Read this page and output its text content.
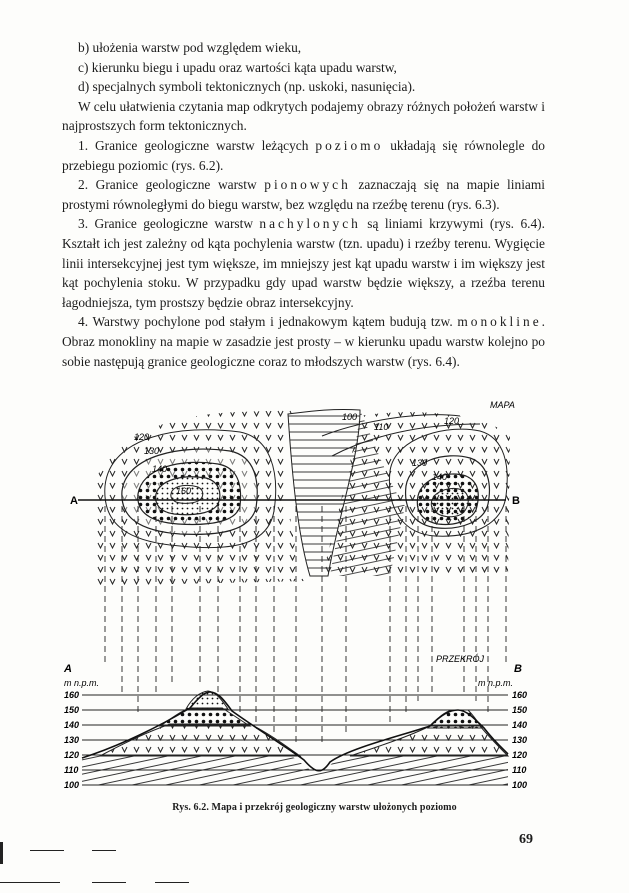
b) ułożenia warstw pod względem wieku,

c) kierunku biegu i upadu oraz wartości kąta upadu warstw,

d) specjalnych symboli tektonicznych (np. uskoki, nasunięcia).

W celu ułatwienia czytania map odkrytych podajemy obrazy różnych położeń warstw i najprostszych form tektonicznych.

1. Granice geologiczne warstw leżących poziomo układają się równolegle do przebiegu poziomic (rys. 6.2).

2. Granice geologiczne warstw pionowych zaznaczają się na mapie liniami prostymi równoległymi do biegu warstw, bez względu na rzeźbę terenu (rys. 6.3).

3. Granice geologiczne warstw nachylonych są liniami krzywymi (rys. 6.4). Kształt ich jest zależny od kąta pochylenia warstw (tzn. upadu) i rzeźby terenu. Wygięcie linii intersekcyjnej jest tym większe, im mniejszy jest kąt upadu warstw i im większy jest kąt pochylenia stoku. W przypadku gdy upad warstw będzie większy, a rzeźba terenu łagodniejsza, tym prostszy będzie obraz intersekcyjny.

4. Warstwy pochylone pod stałym i jednakowym kątem budują tzw. monokline. Obraz monokliny na mapie w zasadzie jest prosty – w kierunku upadu warstw kolejno po sobie następują granice geologiczne coraz to młodszych warstw (rys. 6.4).

A	B
MAPA
100
110
120
130
140
120
130
140
160
A	B
PRZEKRÓJ
m n.p.m.	m n.p.m.
160
150
140
130
120
110
100
160
150
140
130
120
110
100
Rys. 6.2. Mapa i przekrój geologiczny warstw ułożonych poziomo
69
